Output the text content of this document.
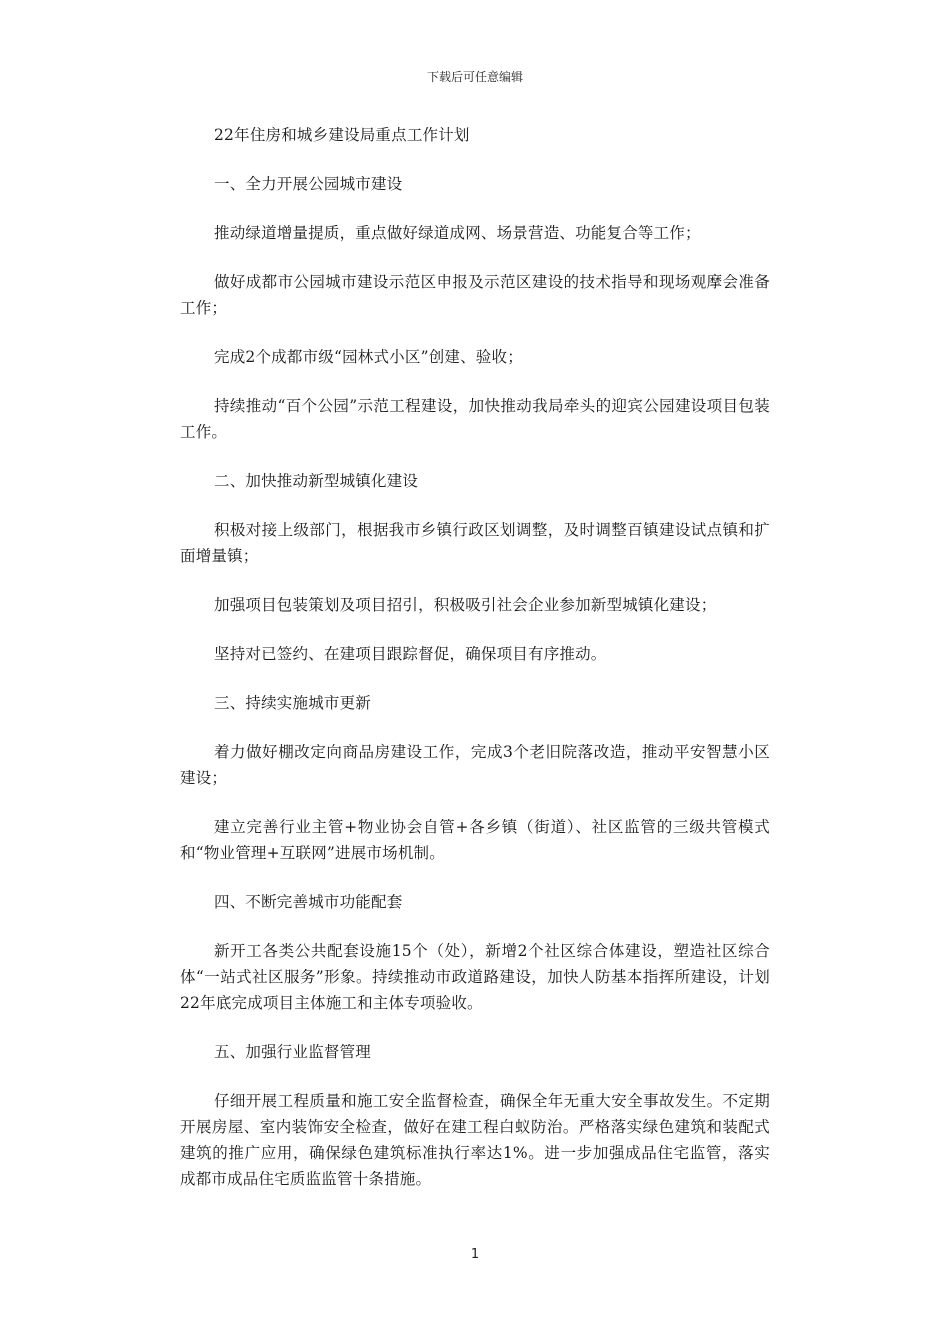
下载后可任意编辑

22年住房和城乡建设局重点工作计划

一、全力开展公园城市建设

推动绿道增量提质，重点做好绿道成网、场景营造、功能复合等工作；

做好成都市公园城市建设示范区申报及示范区建设的技术指导和现场观摩会准备工作；

完成2个成都市级“园林式小区”创建、验收；

持续推动“百个公园”示范工程建设，加快推动我局牵头的迎宾公园建设项目包装工作。

二、加快推动新型城镇化建设

积极对接上级部门，根据我市乡镇行政区划调整，及时调整百镇建设试点镇和扩面增量镇；

加强项目包装策划及项目招引，积极吸引社会企业参加新型城镇化建设；

坚持对已签约、在建项目跟踪督促，确保项目有序推动。

三、持续实施城市更新

着力做好棚改定向商品房建设工作，完成3个老旧院落改造，推动平安智慧小区建设；

建立完善行业主管+物业协会自管+各乡镇（街道）、社区监管的三级共管模式和“物业管理+互联网”进展市场机制。

四、不断完善城市功能配套

新开工各类公共配套设施15个（处），新增2个社区综合体建设，塑造社区综合体“一站式社区服务”形象。持续推动市政道路建设，加快人防基本指挥所建设，计划22年底完成项目主体施工和主体专项验收。

五、加强行业监督管理

仔细开展工程质量和施工安全监督检查，确保全年无重大安全事故发生。不定期开展房屋、室内装饰安全检查，做好在建工程白蚁防治。严格落实绿色建筑和装配式建筑的推广应用，确保绿色建筑标准执行率达1%。进一步加强成品住宅监管，落实成都市成品住宅质监监管十条措施。

1
